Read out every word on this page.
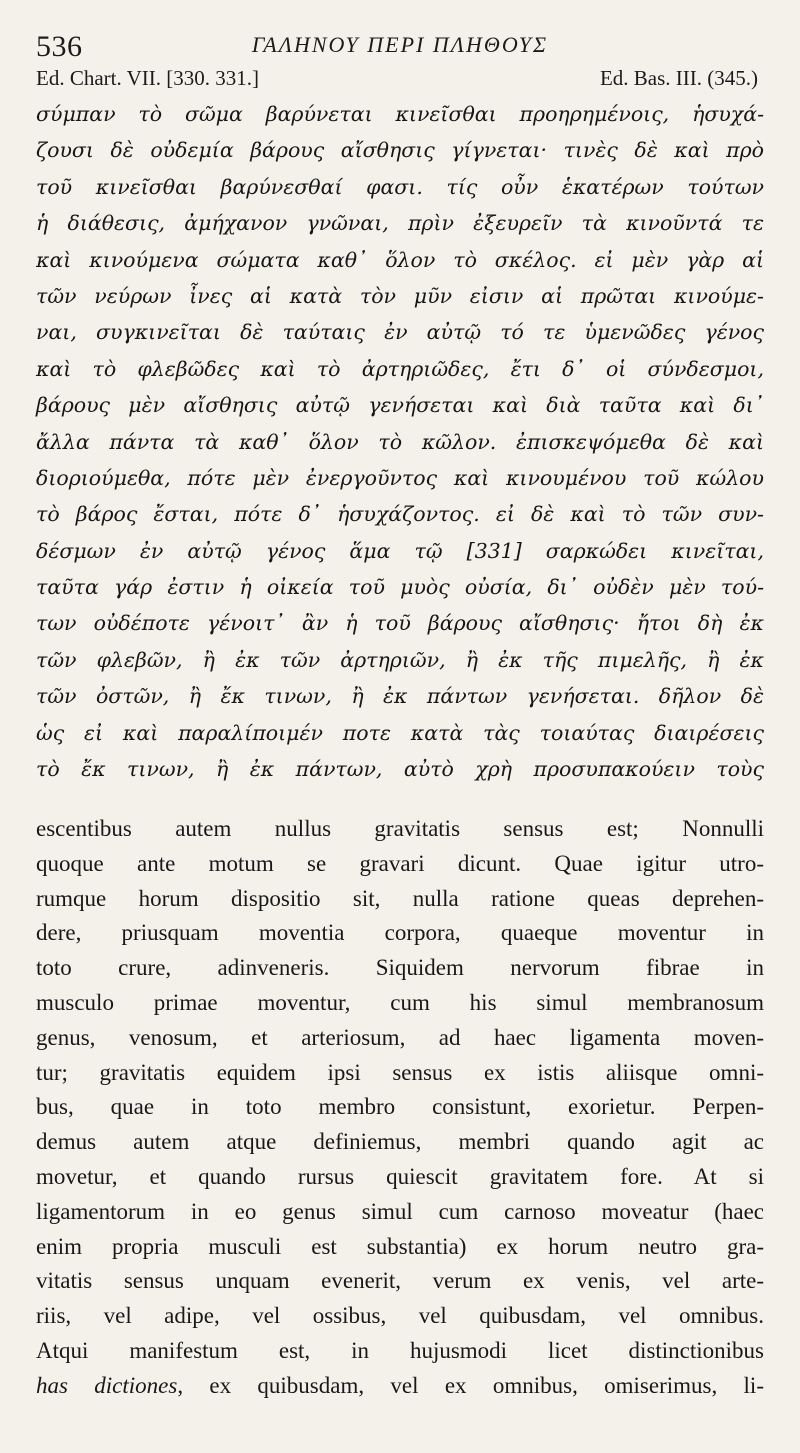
536	ΓΑΛΗΝΟΥ ΠΕΡΙ ΠΛΗΘΟΥΣ
Ed. Chart. VII. [330. 331.]	Ed. Bas. III. (345.)
σύμπαν τὸ σῶμα βαρύνεται κινεῖσθαι προηρημένοις, ἡσυχά-
ζουσι δὲ οὐδεμία βάρους αἴσθησις γίγνεται· τινὲς δὲ καὶ πρὸ
τοῦ κινεῖσθαι βαρύνεσθαί φασι. τίς οὖν ἑκατέρων τούτων
ἡ διάθεσις, ἀμήχανον γνῶναι, πρὶν ἐξευρεῖν τὰ κινοῦντά τε
καὶ κινούμενα σώματα καθ᾽ ὅλον τὸ σκέλος. εἰ μὲν γὰρ αἱ
τῶν νεύρων ἶνες αἱ κατὰ τὸν μῦν εἰσιν αἱ πρῶται κινούμε-
ναι, συγκινεῖται δὲ ταύταις ἐν αὐτῷ τό τε ὑμενῶδες γένος
καὶ τὸ φλεβῶδες καὶ τὸ ἀρτηριῶδες, ἔτι δ᾽ οἱ σύνδεσμοι,
βάρους μὲν αἴσθησις αὐτῷ γενήσεται καὶ διὰ ταῦτα καὶ δι᾽
ἄλλα πάντα τὰ καθ᾽ ὅλον τὸ κῶλον. ἐπισκεψόμεθα δὲ καὶ
διοριούμεθα, πότε μὲν ἐνεργοῦντος καὶ κινουμένου τοῦ κώλου
τὸ βάρος ἔσται, πότε δ᾽ ἡσυχάζοντος. εἰ δὲ καὶ τὸ τῶν συν-
δέσμων ἐν αὐτῷ γένος ἅμα τῷ [331] σαρκώδει κινεῖται,
ταῦτα γάρ ἐστιν ἡ οἰκεία τοῦ μυὸς οὐσία, δι᾽ οὐδὲν μὲν τού-
των οὐδέποτε γένοιτ᾽ ἂν ἡ τοῦ βάρους αἴσθησις· ἤτοι δὴ ἐκ
τῶν φλεβῶν, ἢ ἐκ τῶν ἀρτηριῶν, ἢ ἐκ τῆς πιμελῆς, ἢ ἐκ
τῶν ὀστῶν, ἢ ἔκ τινων, ἢ ἐκ πάντων γενήσεται. δῆλον δὲ
ὡς εἰ καὶ παραλίποιμέν ποτε κατὰ τὰς τοιαύτας διαιρέσεις
τὸ ἔκ τινων, ἢ ἐκ πάντων, αὐτὸ χρὴ προσυπακούειν τοὺς
escentibus autem nullus gravitatis sensus est; Nonnulli
quoque ante motum se gravari dicunt. Quae igitur utro-
rumque horum dispositio sit, nulla ratione queas deprehen-
dere, priusquam moventia corpora, quaeque moventur in
toto crure, adinveneris. Siquidem nervorum fibrae in
musculo primae moventur, cum his simul membranosum
genus, venosum, et arteriosum, ad haec ligamenta moven-
tur; gravitatis equidem ipsi sensus ex istis aliisque omni-
bus, quae in toto membro consistunt, exorietur. Perpen-
demus autem atque definiemus, membri quando agit ac
movetur, et quando rursus quiescit gravitatem fore. At si
ligamentorum in eo genus simul cum carnoso moveatur (haec
enim propria musculi est substantia) ex horum neutro gra-
vitatis sensus unquam evenerit, verum ex venis, vel arte-
riis, vel adipe, vel ossibus, vel quibusdam, vel omnibus.
Atqui manifestum est, in hujusmodi licet distinctionibus
has dictiones, ex quibusdam, vel ex omnibus, omiserimus, li-
